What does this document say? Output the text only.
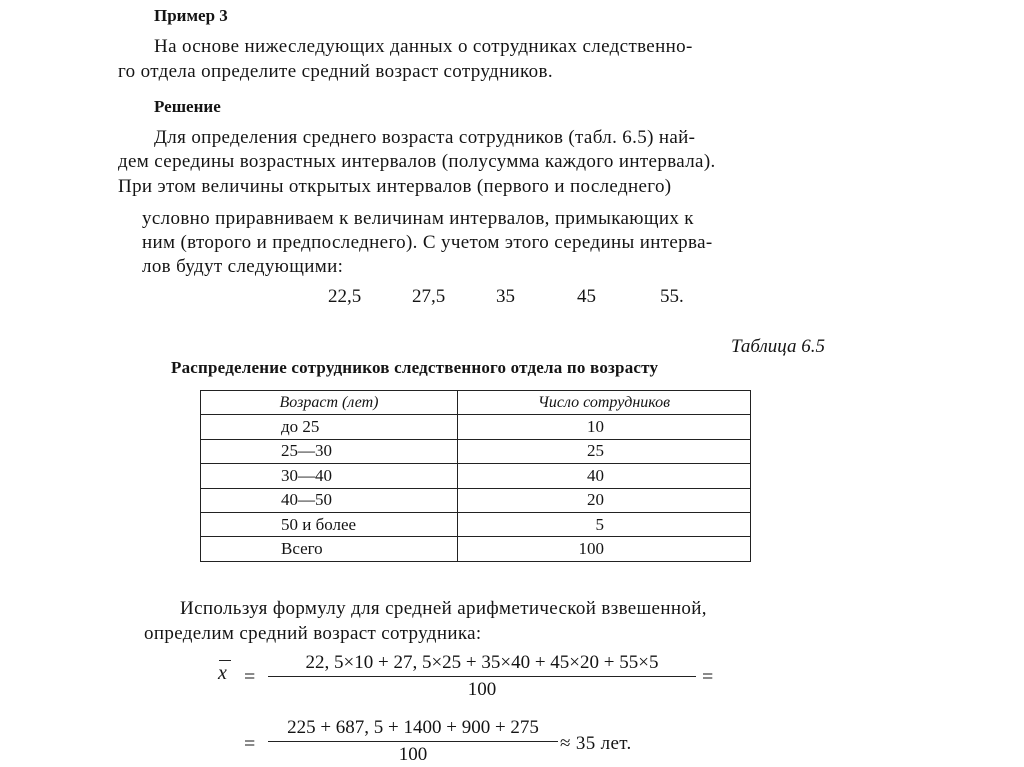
Пример 3
На основе нижеследующих данных о сотрудниках следственно-
го отдела определите средний возраст сотрудников.
Решение
Для определения среднего возраста сотрудников (табл. 6.5) най-
дем середины возрастных интервалов (полусумма каждого интервала).
При этом величины открытых интервалов (первого и последнего)
условно приравниваем к величинам интервалов, примыкающих к
ним (второго и предпоследнего). С учетом этого середины интерва-
лов будут следующими:
22,5	27,5	35	45	55.
Таблица 6.5
Распределение сотрудников следственного отдела по возрасту
Возраст (лет)	Число сотрудников
до 25	10
25—30	25
30—40	40
40—50	20
50 и более	5
Всего	100
Используя формулу для средней арифметической взвешенной,
определим средний возраст сотрудника:
x =
22, 5×10 + 27, 5×25 + 35×40 + 45×20 + 55×5
100
=
=
225 + 687, 5 + 1400 + 900 + 275
100
≈ 35 лет.
